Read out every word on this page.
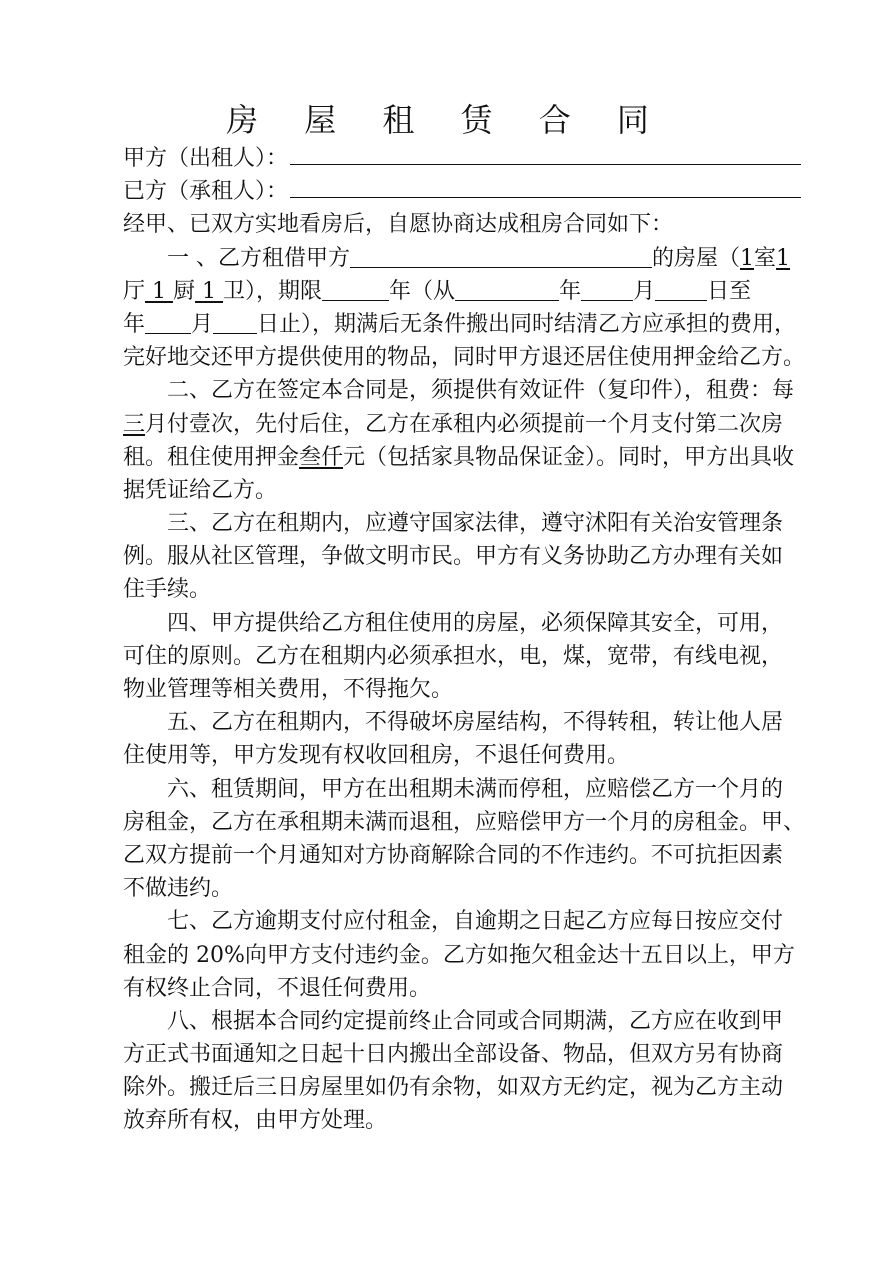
房 屋 租 赁 合 同
甲方（出租人）：
已方（承租人）：
经甲、已双方实地看房后，自愿协商达成租房合同如下：
一 、乙方租借甲方	的房屋（1室1
厅 1 厨 1 卫），期限	年（从	年 月 日至
年 月 日止），期满后无条件搬出同时结清乙方应承担的费用，
完好地交还甲方提供使用的物品，同时甲方退还居住使用押金给乙方。
二、乙方在签定本合同是，须提供有效证件（复印件），租费：每
三月付壹次，先付后住，乙方在承租内必须提前一个月支付第二次房
租。租住使用押金叁仟元（包括家具物品保证金）。同时，甲方出具收
据凭证给乙方。
三、乙方在租期内，应遵守国家法律，遵守沭阳有关治安管理条
例。服从社区管理，争做文明市民。甲方有义务协助乙方办理有关如
住手续。
四、甲方提供给乙方租住使用的房屋，必须保障其安全，可用，
可住的原则。乙方在租期内必须承担水，电，煤，宽带，有线电视，
物业管理等相关费用，不得拖欠。
五、乙方在租期内，不得破坏房屋结构，不得转租，转让他人居
住使用等，甲方发现有权收回租房，不退任何费用。
六、租赁期间，甲方在出租期未满而停租，应赔偿乙方一个月的
房租金，乙方在承租期未满而退租，应赔偿甲方一个月的房租金。甲、
乙双方提前一个月通知对方协商解除合同的不作违约。不可抗拒因素
不做违约。
七、乙方逾期支付应付租金，自逾期之日起乙方应每日按应交付
租金的 20%向甲方支付违约金。乙方如拖欠租金达十五日以上，甲方
有权终止合同，不退任何费用。
八、根据本合同约定提前终止合同或合同期满，乙方应在收到甲
方正式书面通知之日起十日内搬出全部设备、物品，但双方另有协商
除外。搬迁后三日房屋里如仍有余物，如双方无约定，视为乙方主动
放弃所有权，由甲方处理。
